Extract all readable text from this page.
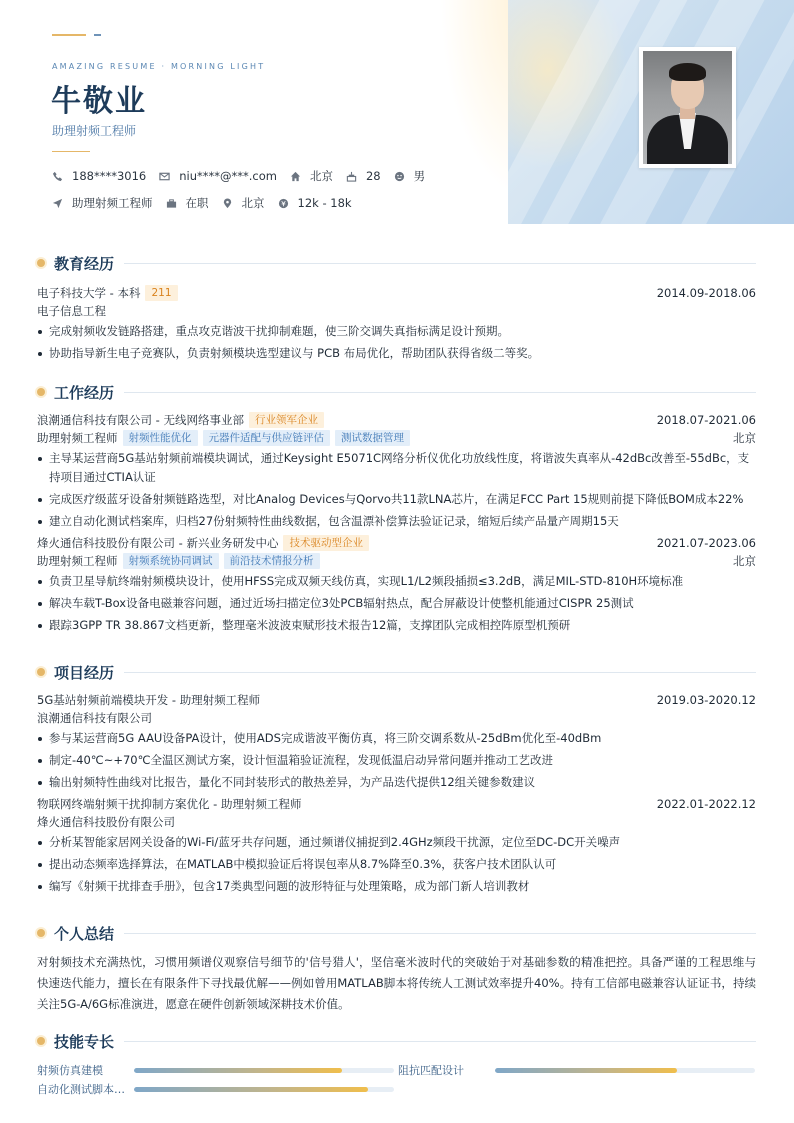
AMAZING RESUME · MORNING LIGHT
牛敬业
助理射频工程师
188****3016	niu****@***.com	北京	28	男
助理射频工程师	在职	北京	12k - 18k
教育经历
电子科技大学 - 本科	211	2014.09-2018.06
电子信息工程
完成射频收发链路搭建，重点攻克谐波干扰抑制难题，使三阶交调失真指标满足设计预期。
协助指导新生电子竞赛队，负责射频模块选型建议与 PCB 布局优化，帮助团队获得省级二等奖。
工作经历
浪潮通信科技有限公司 - 无线网络事业部	行业领军企业	2018.07-2021.06
助理射频工程师	射频性能优化	元器件适配与供应链评估	测试数据管理	北京
主导某运营商5G基站射频前端模块调试，通过Keysight E5071C网络分析仪优化功放线性度，将谐波失真率从-42dBc改善至-55dBc，支持项目通过CTIA认证
完成医疗级蓝牙设备射频链路选型，对比Analog Devices与Qorvo共11款LNA芯片，在满足FCC Part 15规则前提下降低BOM成本22%
建立自动化测试档案库，归档27份射频特性曲线数据，包含温漂补偿算法验证记录，缩短后续产品量产周期15天
烽火通信科技股份有限公司 - 新兴业务研发中心	技术驱动型企业	2021.07-2023.06
助理射频工程师	射频系统协同调试	前沿技术情报分析	北京
负责卫星导航终端射频模块设计，使用HFSS完成双频天线仿真，实现L1/L2频段插损≤3.2dB，满足MIL-STD-810H环境标准
解决车载T-Box设备电磁兼容问题，通过近场扫描定位3处PCB辐射热点，配合屏蔽设计使整机能通过CISPR 25测试
跟踪3GPP TR 38.867文档更新，整理毫米波波束赋形技术报告12篇，支撑团队完成相控阵原型机预研
项目经历
5G基站射频前端模块开发 - 助理射频工程师	2019.03-2020.12
浪潮通信科技有限公司
参与某运营商5G AAU设备PA设计，使用ADS完成谐波平衡仿真，将三阶交调系数从-25dBm优化至-40dBm
制定-40℃~+70℃全温区测试方案，设计恒温箱验证流程，发现低温启动异常问题并推动工艺改进
输出射频特性曲线对比报告，量化不同封装形式的散热差异，为产品迭代提供12组关键参数建议
物联网终端射频干扰抑制方案优化 - 助理射频工程师	2022.01-2022.12
烽火通信科技股份有限公司
分析某智能家居网关设备的Wi-Fi/蓝牙共存问题，通过频谱仪捕捉到2.4GHz频段干扰源，定位至DC-DC开关噪声
提出动态频率选择算法，在MATLAB中模拟验证后将误包率从8.7%降至0.3%，获客户技术团队认可
编写《射频干扰排查手册》，包含17类典型问题的波形特征与处理策略，成为部门新人培训教材
个人总结
对射频技术充满热忱，习惯用频谱仪观察信号细节的'信号猎人'，坚信毫米波时代的突破始于对基础参数的精准把控。具备严谨的工程思维与快速迭代能力，擅长在有限条件下寻找最优解——例如曾用MATLAB脚本将传统人工测试效率提升40%。持有工信部电磁兼容认证证书，持续关注5G-A/6G标准演进，愿意在硬件创新领域深耕技术价值。
技能专长
射频仿真建模	阻抗匹配设计
自动化测试脚本…
